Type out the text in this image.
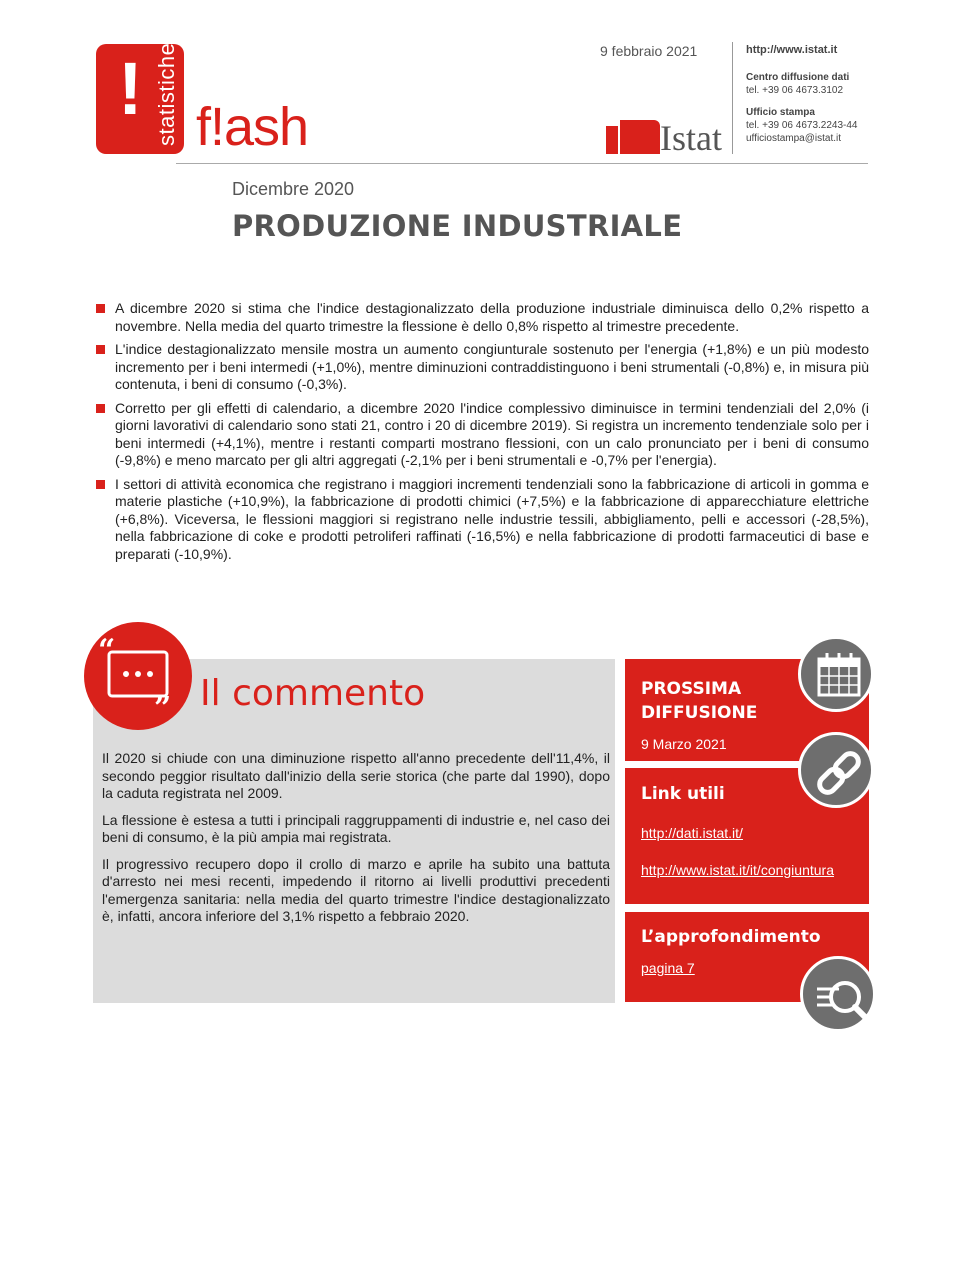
! statistiche f!ash
9 febbraio 2021
Istat
http://www.istat.it
Centro diffusione dati
tel. +39 06 4673.3102
Ufficio stampa
tel. +39 06 4673.2243-44
ufficiostampa@istat.it
Dicembre 2020
PRODUZIONE INDUSTRIALE
A dicembre 2020 si stima che l'indice destagionalizzato della produzione industriale diminuisca dello 0,2% rispetto a novembre. Nella media del quarto trimestre la flessione è dello 0,8% rispetto al trimestre precedente.
L'indice destagionalizzato mensile mostra un aumento congiunturale sostenuto per l'energia (+1,8%) e un più modesto incremento per i beni intermedi (+1,0%), mentre diminuzioni contraddistinguono i beni strumentali (-0,8%) e, in misura più contenuta, i beni di consumo (-0,3%).
Corretto per gli effetti di calendario, a dicembre 2020 l'indice complessivo diminuisce in termini tendenziali del 2,0% (i giorni lavorativi di calendario sono stati 21, contro i 20 di dicembre 2019). Si registra un incremento tendenziale solo per i beni intermedi (+4,1%), mentre i restanti comparti mostrano flessioni, con un calo pronunciato per i beni di consumo (-9,8%) e meno marcato per gli altri aggregati (-2,1% per i beni strumentali e -0,7% per l'energia).
I settori di attività economica che registrano i maggiori incrementi tendenziali sono la fabbricazione di articoli in gomma e materie plastiche (+10,9%), la fabbricazione di prodotti chimici (+7,5%) e la fabbricazione di apparecchiature elettriche (+6,8%). Viceversa, le flessioni maggiori si registrano nelle industrie tessili, abbigliamento, pelli e accessori (-28,5%), nella fabbricazione di coke e prodotti petroliferi raffinati (-16,5%) e nella fabbricazione di prodotti farmaceutici di base e preparati (-10,9%).
“
” Il commento

Il 2020 si chiude con una diminuzione rispetto all'anno precedente dell'11,4%, il secondo peggior risultato dall'inizio della serie storica (che parte dal 1990), dopo la caduta registrata nel 2009.

La flessione è estesa a tutti i principali raggruppamenti di industrie e, nel caso dei beni di consumo, è la più ampia mai registrata.

Il progressivo recupero dopo il crollo di marzo e aprile ha subito una battuta d'arresto nei mesi recenti, impedendo il ritorno ai livelli produttivi precedenti l'emergenza sanitaria: nella media del quarto trimestre l'indice destagionalizzato è, infatti, ancora inferiore del 3,1% rispetto a febbraio 2020.

PROSSIMA
DIFFUSIONE
9 Marzo 2021
Link utili
http://dati.istat.it/
http://www.istat.it/it/congiuntura
L’approfondimento
pagina 7
